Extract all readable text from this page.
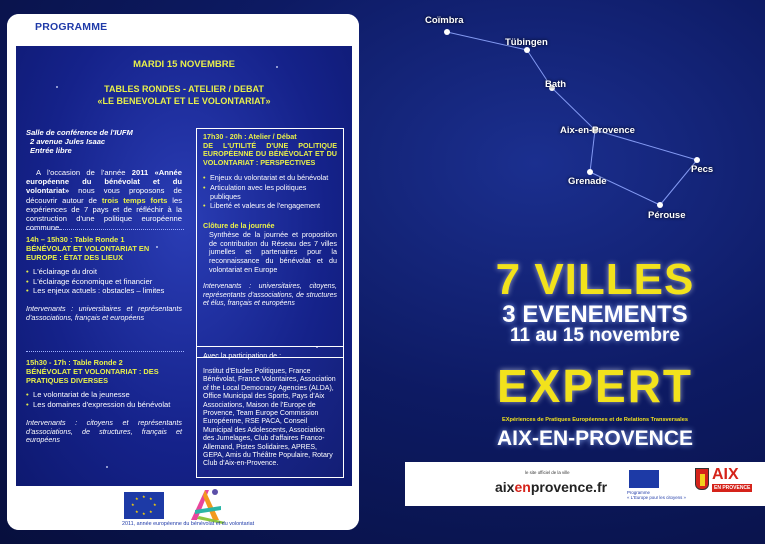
PROGRAMME
MARDI 15 NOVEMBRE
TABLES RONDES - ATELIER / DEBAT
«LE BENEVOLAT ET LE VOLONTARIAT»
Salle de conférence de l'IUFM
2 avenue Jules Isaac
Entrée libre
A l'occasion de l'année 2011 «Année européenne du bénévolat et du volontariat» nous vous proposons de découvrir autour de trois temps forts les expériences de 7 pays et de réfléchir à la construction d'une politique européenne commune.
14h – 15h30 : Table Ronde 1
BÉNÉVOLAT ET VOLONTARIAT EN EUROPE : ÉTAT DES LIEUX
• L'éclairage du droit
• L'éclairage économique et financier
• Les enjeux actuels : obstacles – limites
Intervenants : universitaires et représentants d'associations, français et européens
15h30 - 17h : Table Ronde 2
BÉNÉVOLAT ET VOLONTARIAT : DES PRATIQUES DIVERSES
• Le volontariat de la jeunesse
• Les domaines d'expression du bénévolat
Intervenants : citoyens et représentants d'associations, de structures, français et européens
17h30 - 20h : Atelier / Débat
DE L'UTILITÉ D'UNE POLITIQUE EUROPÉENNE DU BÉNÉVOLAT ET DU VOLONTARIAT : PERSPECTIVES
• Enjeux du volontariat et du bénévolat
• Articulation avec les politiques publiques
• Liberté et valeurs de l'engagement
Clôture de la journée
Synthèse de la journée et proposition de contribution du Réseau des 7 villes jumelles et partenaires pour la reconnaissance du bénévolat et du volontariat en Europe
Intervenants : universitaires, citoyens, représentants d'associations, de structures et élus, français et européens
Avec la participation de :
Institut d'Etudes Politiques, France Bénévolat, France Volontaires, Association of the Local Democracy Agencies (ALDA), Office Municipal des Sports, Pays d'Aix Associations, Maison de l'Europe de Provence, Team Europe Commission Européenne, RSE PACA, Conseil Municipal des Adolescents, Association des Jumelages, Club d'affaires Franco-Allemand, Pistes Solidaires, APRES, GEPA, Amis du Théâtre Populaire, Rotary Club d'Aix-en-Provence.
★ ★
★
★
★
★
★
★
2011, année européenne du bénévolat et du volontariat
Coïmbra
Tübingen
Bath
Aix-en-Provence
Pecs
Grenade
Pérouse
7 VILLES
3 EVENEMENTS
11 au 15 novembre
EXPERT
EXpériences de Pratiques Européennes et de Relations Transversales
AIX-EN-PROVENCE
le site officiel de la ville
aixenprovence.fr	Programme
« L'Europe pour les citoyens »
AIX
EN PROVENCE
